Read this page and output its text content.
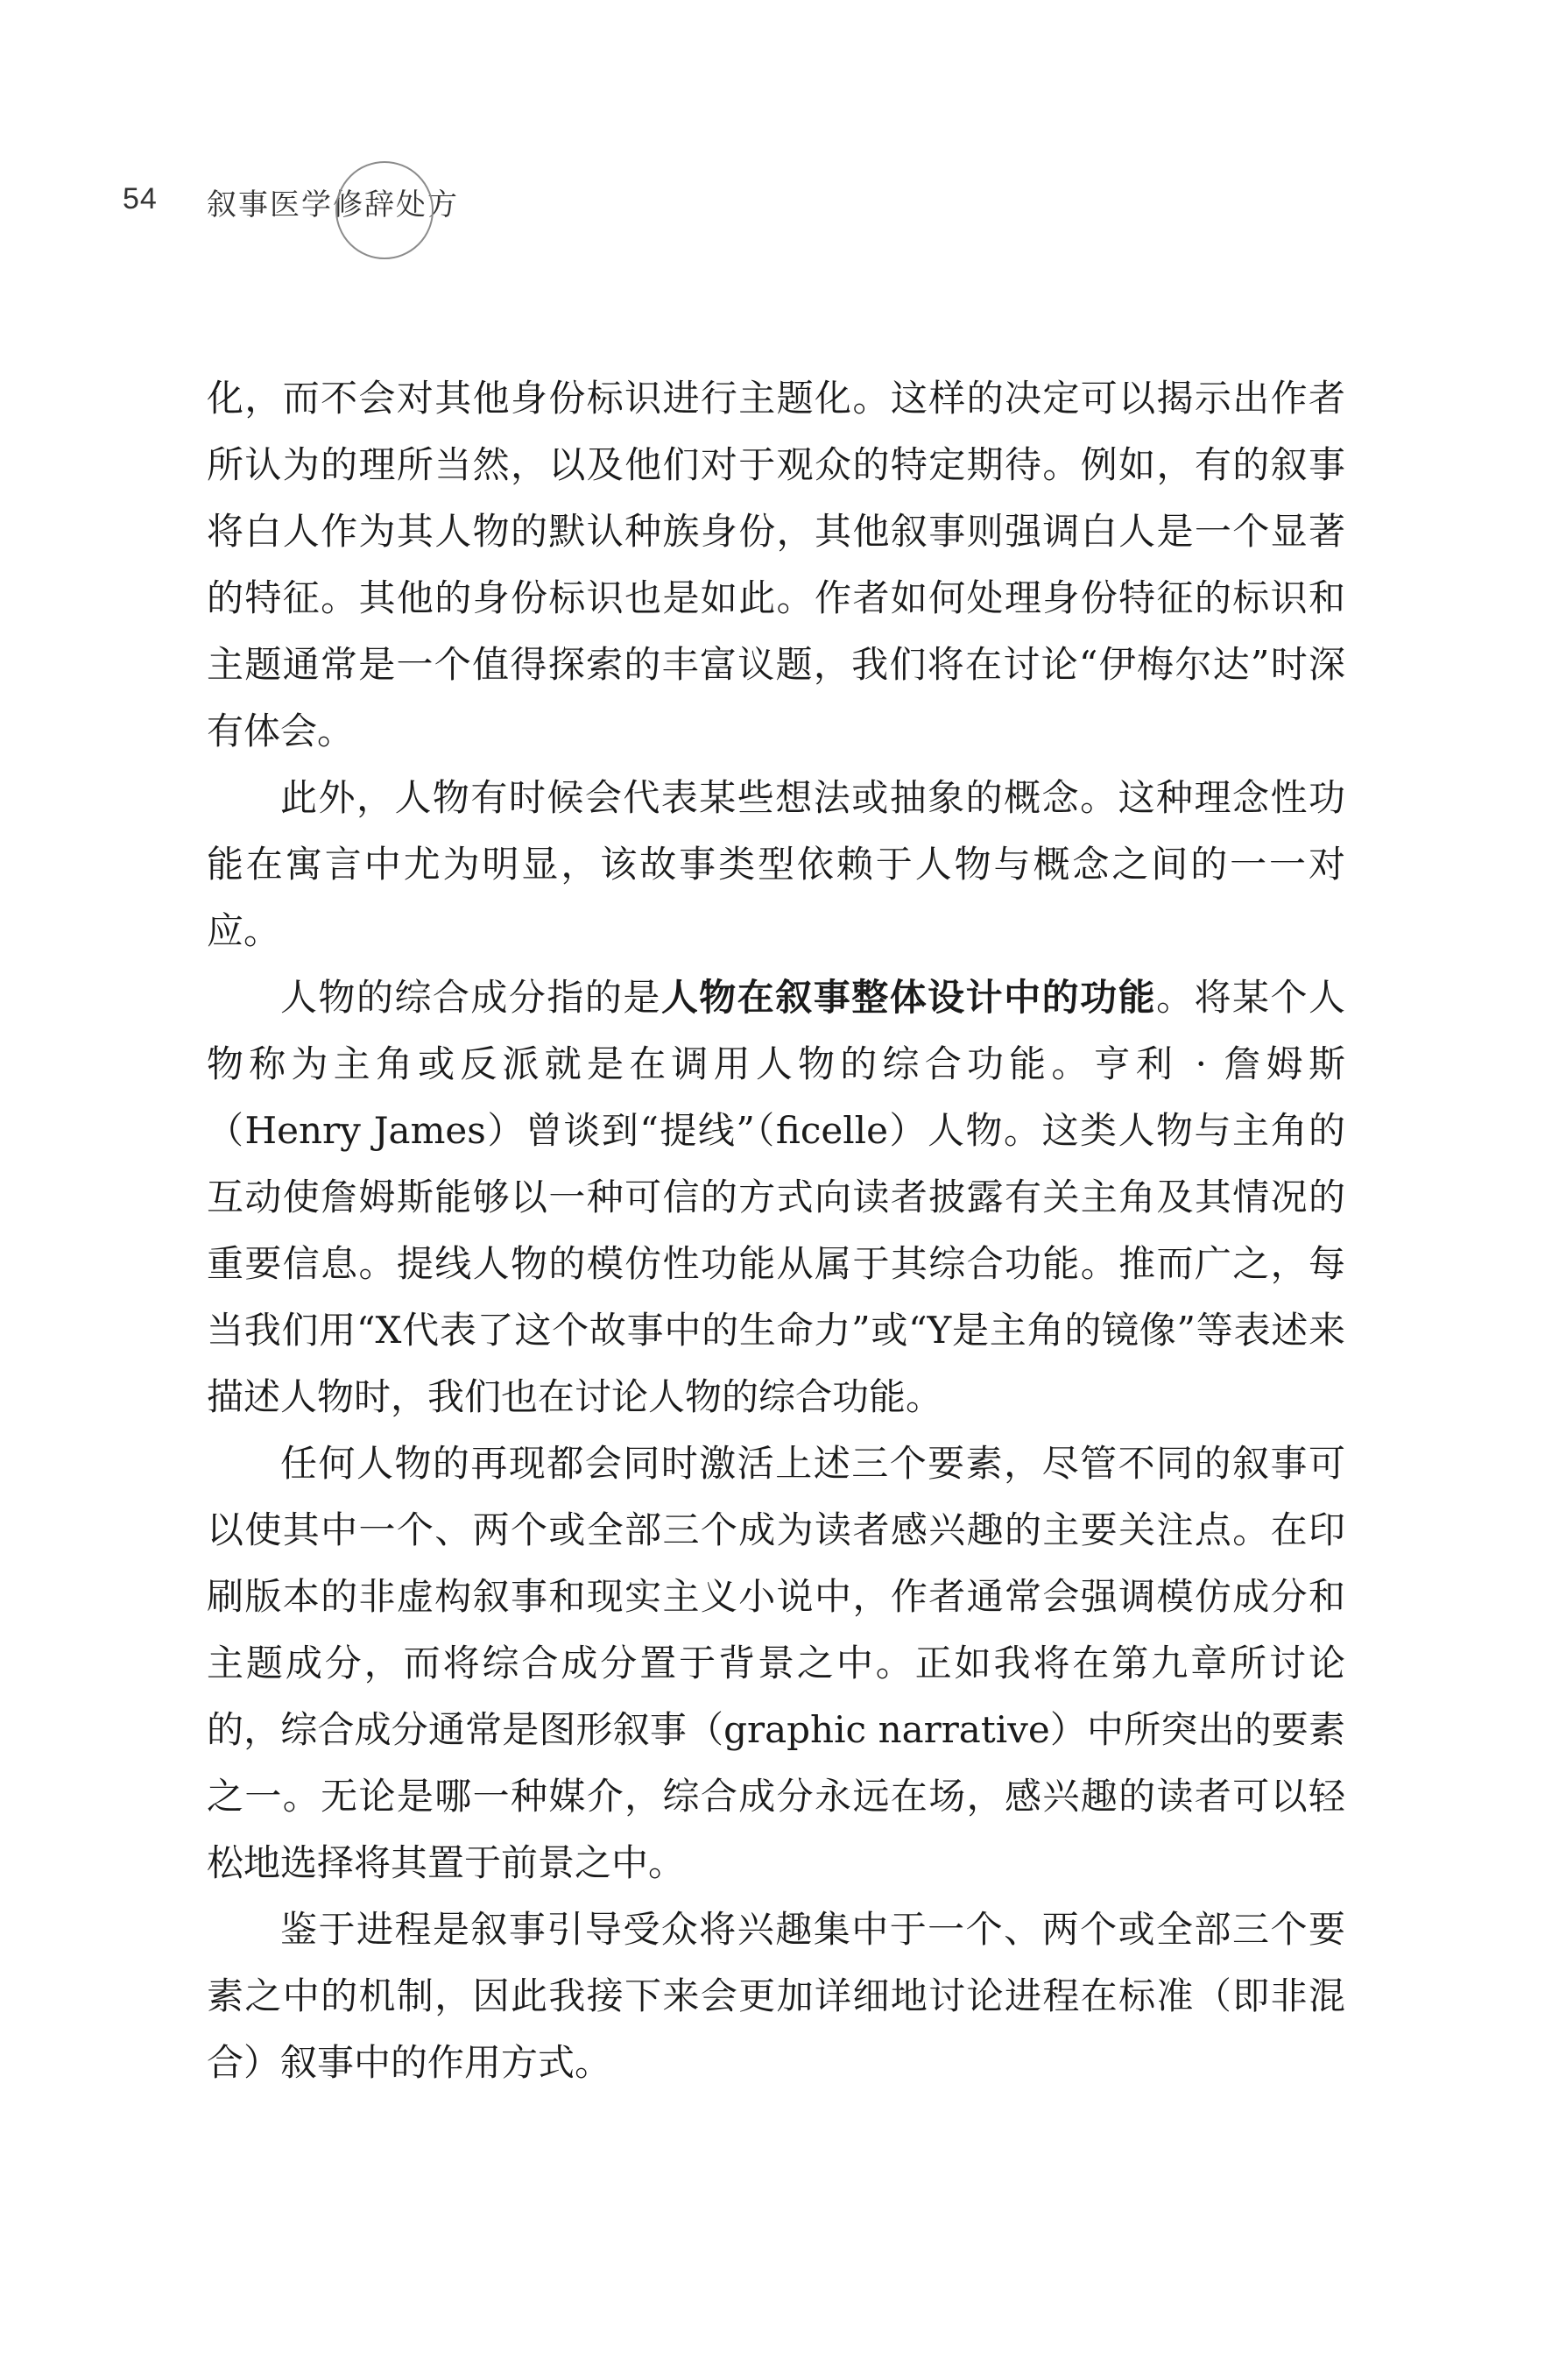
54 叙事医学修辞处方

化，而不会对其他身份标识进行主题化。这样的决定可以揭示出作者所认为的理所当然，以及他们对于观众的特定期待。例如，有的叙事将白人作为其人物的默认种族身份，其他叙事则强调白人是一个显著的特征。其他的身份标识也是如此。作者如何处理身份特征的标识和主题通常是一个值得探索的丰富议题，我们将在讨论“伊梅尔达”时深有体会。

此外，人物有时候会代表某些想法或抽象的概念。这种理念性功能在寓言中尤为明显，该故事类型依赖于人物与概念之间的一一对应。

人物的综合成分指的是人物在叙事整体设计中的功能。将某个人物称为主角或反派就是在调用人物的综合功能。亨利 · 詹姆斯（Henry James）曾谈到“提线”（ficelle）人物。这类人物与主角的互动使詹姆斯能够以一种可信的方式向读者披露有关主角及其情况的重要信息。提线人物的模仿性功能从属于其综合功能。推而广之，每当我们用“X代表了这个故事中的生命力”或“Y是主角的镜像”等表述来描述人物时，我们也在讨论人物的综合功能。

任何人物的再现都会同时激活上述三个要素，尽管不同的叙事可以使其中一个、两个或全部三个成为读者感兴趣的主要关注点。在印刷版本的非虚构叙事和现实主义小说中，作者通常会强调模仿成分和主题成分，而将综合成分置于背景之中。正如我将在第九章所讨论的，综合成分通常是图形叙事（graphic narrative）中所突出的要素之一。无论是哪一种媒介，综合成分永远在场，感兴趣的读者可以轻松地选择将其置于前景之中。

鉴于进程是叙事引导受众将兴趣集中于一个、两个或全部三个要素之中的机制，因此我接下来会更加详细地讨论进程在标准（即非混合）叙事中的作用方式。
